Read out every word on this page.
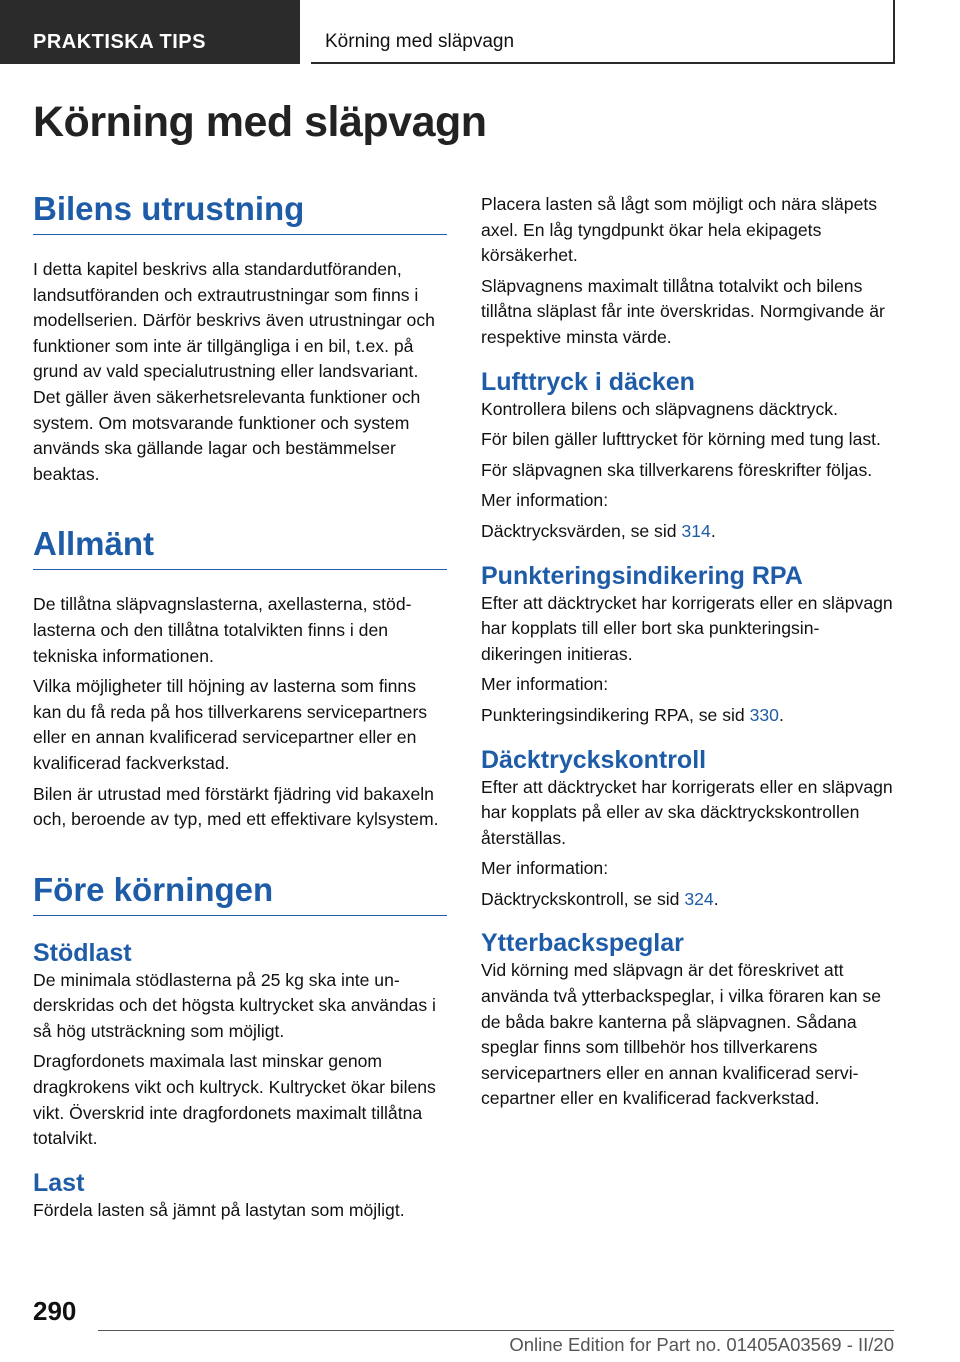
PRAKTISKA TIPS	Körning med släpvagn
Körning med släpvagn
Bilens utrustning

I detta kapitel beskrivs alla standardutföranden, landsutföranden och extrautrustningar som finns i modellserien. Därför beskrivs även utrustningar och funktioner som inte är tillgängliga i en bil, t.ex. på grund av vald specialutrustning eller landsvariant. Det gäller även säkerhetsrelevanta funktioner och system. Om motsvarande funktioner och system används ska gällande lagar och bestämmelser beaktas.

Allmänt

De tillåtna släpvagnslasterna, axellasterna, stödlasterna och den tillåtna totalvikten finns i den tekniska informationen.

Vilka möjligheter till höjning av lasterna som finns kan du få reda på hos tillverkarens servicepartners eller en annan kvalificerad servicepartner eller en kvalificerad fackverkstad.

Bilen är utrustad med förstärkt fjädring vid bakaxeln och, beroende av typ, med ett effektivare kylsystem.

Före körningen
Stödlast

De minimala stödlasterna på 25 kg ska inte underskridas och det högsta kultrycket ska användas i så hög utsträckning som möjligt.

Dragfordonets maximala last minskar genom dragkrokens vikt och kultryck. Kultrycket ökar bilens vikt. Överskrid inte dragfordonets maximalt tillåtna totalvikt.

Last

Fördela lasten så jämnt på lastytan som möjligt.

Placera lasten så lågt som möjligt och nära släpets axel. En låg tyngdpunkt ökar hela ekipagets körsäkerhet.

Släpvagnens maximalt tillåtna totalvikt och bilens tillåtna släplast får inte överskridas. Normgivande är respektive minsta värde.

Lufttryck i däcken

Kontrollera bilens och släpvagnens däcktryck.

För bilen gäller lufttrycket för körning med tung last.

För släpvagnen ska tillverkarens föreskrifter följas.

Mer information:

Däcktrycksvärden, se sid 314.

Punkteringsindikering RPA

Efter att däcktrycket har korrigerats eller en släpvagn har kopplats till eller bort ska punkteringsindikeringen initieras.

Mer information:

Punkteringsindikering RPA, se sid 330.

Däcktryckskontroll

Efter att däcktrycket har korrigerats eller en släpvagn har kopplats på eller av ska däcktryckskontrollen återställas.

Mer information:

Däcktryckskontroll, se sid 324.

Ytterbackspeglar

Vid körning med släpvagn är det föreskrivet att använda två ytterbackspeglar, i vilka föraren kan se de båda bakre kanterna på släpvagnen. Sådana speglar finns som tillbehör hos tillverkarens servicepartners eller en annan kvalificerad servicepartner eller en kvalificerad fackverkstad.

290
Online Edition for Part no. 01405A03569 - II/20
